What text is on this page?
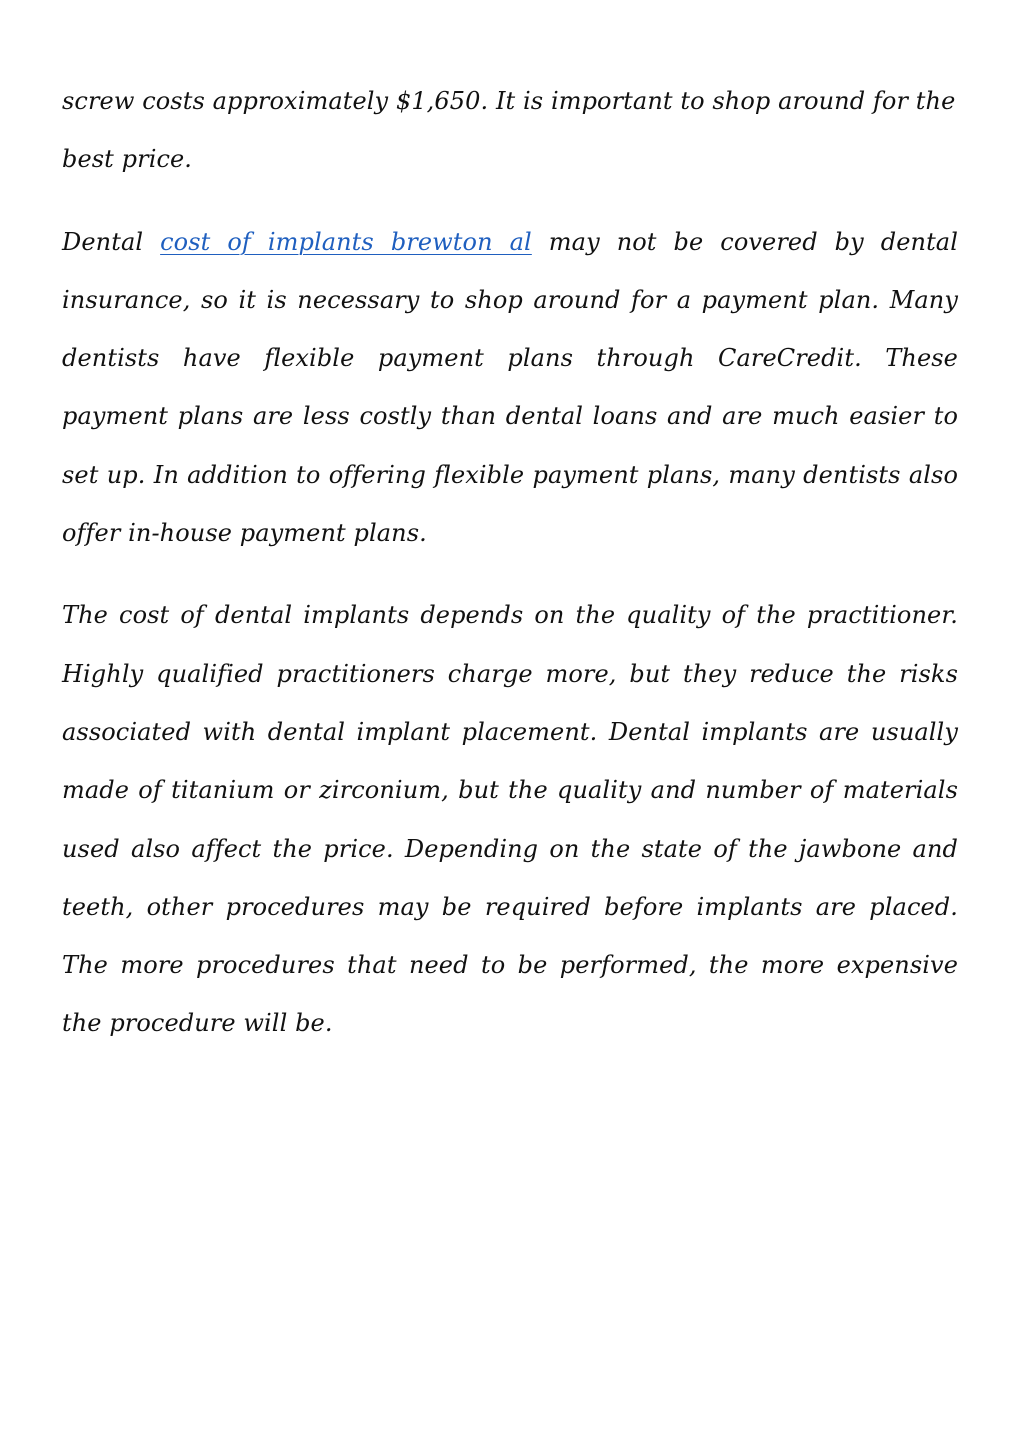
screw costs approximately $1,650. It is important to shop around for the best price.

Dental cost of implants brewton al may not be covered by dental insurance, so it is necessary to shop around for a payment plan. Many dentists have flexible payment plans through CareCredit. These payment plans are less costly than dental loans and are much easier to set up. In addition to offering flexible payment plans, many dentists also offer in-house payment plans.

The cost of dental implants depends on the quality of the practitioner. Highly qualified practitioners charge more, but they reduce the risks associated with dental implant placement. Dental implants are usually made of titanium or zirconium, but the quality and number of materials used also affect the price. Depending on the state of the jawbone and teeth, other procedures may be required before implants are placed. The more procedures that need to be performed, the more expensive the procedure will be.
